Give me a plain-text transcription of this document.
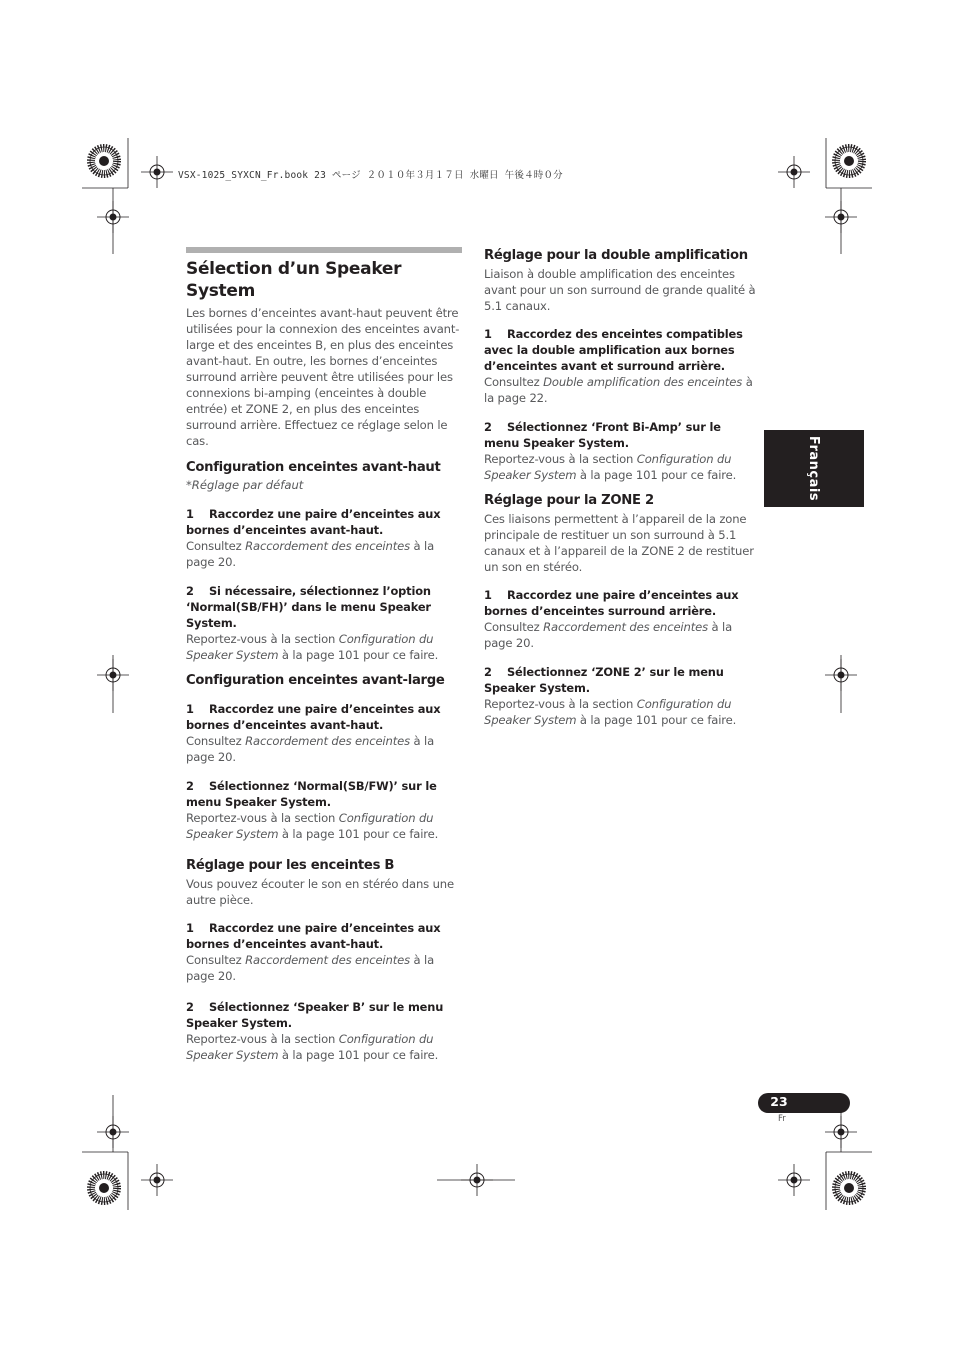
VSX-1025_SYXCN_Fr.book 23 ページ ２０１０年３月１７日 水曜日 午後４時０分
Sélection d’un Speaker System

Les bornes d’enceintes avant-haut peuvent être utilisées pour la connexion des enceintes avant-large et des enceintes B, en plus des enceintes avant-haut. En outre, les bornes d’enceintes surround arrière peuvent être utilisées pour les connexions bi-amping (enceintes à double entrée) et ZONE 2, en plus des enceintes surround arrière. Effectuez ce réglage selon le cas.

Configuration enceintes avant-haut

*Réglage par défaut

1 Raccordez une paire d’enceintes aux bornes d’enceintes avant-haut.

Consultez Raccordement des enceintes à la page 20.

2 Si nécessaire, sélectionnez l’option ‘Normal(SB/FH)’ dans le menu Speaker System.

Reportez-vous à la section Configuration du Speaker System à la page 101 pour ce faire.

Configuration enceintes avant-large

1 Raccordez une paire d’enceintes aux bornes d’enceintes avant-haut.

Consultez Raccordement des enceintes à la page 20.

2 Sélectionnez ‘Normal(SB/FW)’ sur le menu Speaker System.

Reportez-vous à la section Configuration du Speaker System à la page 101 pour ce faire.

Réglage pour les enceintes B

Vous pouvez écouter le son en stéréo dans une autre pièce.

1 Raccordez une paire d’enceintes aux bornes d’enceintes avant-haut.

Consultez Raccordement des enceintes à la page 20.

2 Sélectionnez ‘Speaker B’ sur le menu Speaker System.

Reportez-vous à la section Configuration du Speaker System à la page 101 pour ce faire.

Réglage pour la double amplification

Liaison à double amplification des enceintes avant pour un son surround de grande qualité à 5.1 canaux.

1 Raccordez des enceintes compatibles avec la double amplification aux bornes d’enceintes avant et surround arrière.

Consultez Double amplification des enceintes à la page 22.

2 Sélectionnez ‘Front Bi-Amp’ sur le menu Speaker System.

Reportez-vous à la section Configuration du Speaker System à la page 101 pour ce faire.

Réglage pour la ZONE 2

Ces liaisons permettent à l’appareil de la zone principale de restituer un son surround à 5.1 canaux et à l’appareil de la ZONE 2 de restituer un son en stéréo.

1 Raccordez une paire d’enceintes aux bornes d’enceintes surround arrière.

Consultez Raccordement des enceintes à la page 20.

2 Sélectionnez ‘ZONE 2’ sur le menu Speaker System.

Reportez-vous à la section Configuration du Speaker System à la page 101 pour ce faire.

Français
23
Fr
